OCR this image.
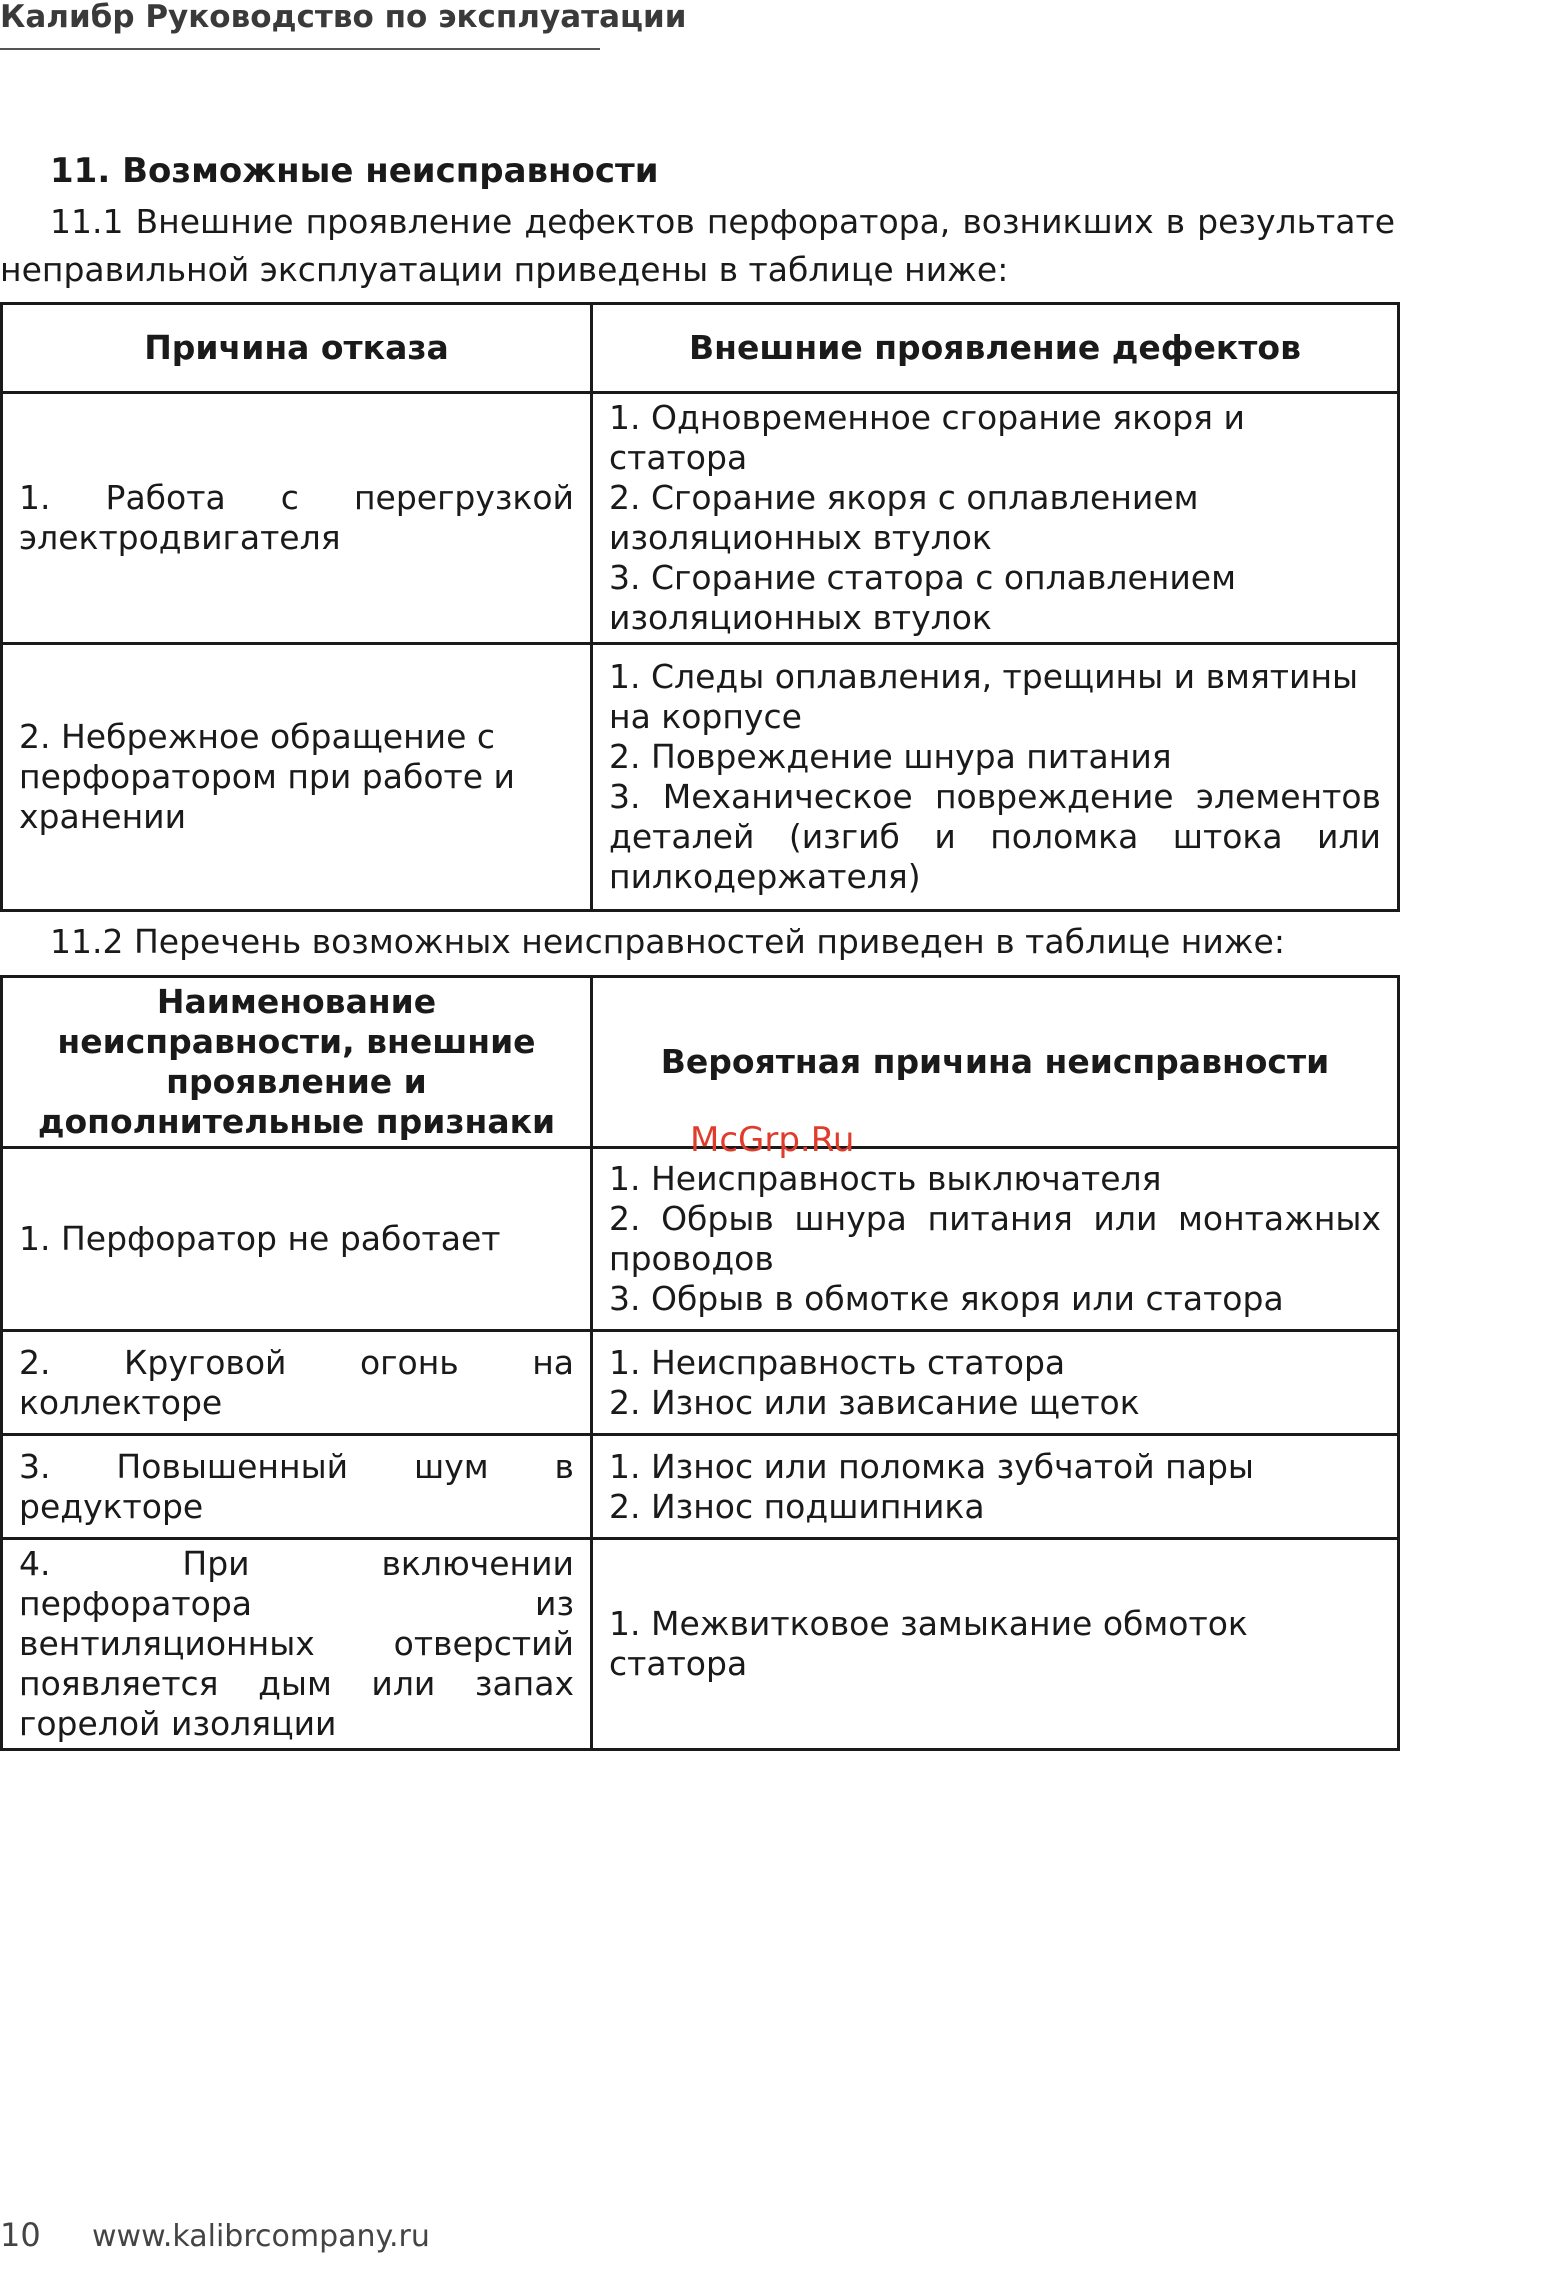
Калибр Руководство по эксплуатации
11. Возможные неисправности
11.1 Внешние проявление дефектов перфоратора, возникших в результате
неправильной эксплуатации приведены в таблице ниже:
Причина отказа	Внешние проявление дефектов
1. Работа с перегрузкой электродвигателя	1. Одновременное сгорание якоря и статора
2. Сгорание якоря с оплавлением изоляционных втулок
3. Сгорание статора с оплавлением изоляционных втулок

2. Небрежное обращение с перфоратором при работе и хранении	1. Следы оплавления, трещины и вмятины на корпусе
2. Повреждение шнура питания
3. Механическое повреждение элементов деталей (изгиб и поломка штока или пилкодержателя)
11.2 Перечень возможных неисправностей приведен в таблице ниже:
Наименование неисправности, внешние проявление и дополнительные признаки	Вероятная причина неисправности
1. Перфоратор не работает	1. Неисправность выключателя
2. Обрыв шнура питания или монтажных проводов
3. Обрыв в обмотке якоря или статора

2. Круговой огонь на коллекторе	1. Неисправность статора
2. Износ или зависание щеток

3. Повышенный шум в редукторе	1. Износ или поломка зубчатой пары
2. Износ подшипника

4. При включении перфоратора из вентиляционных отверстий появляется дым или запах горелой изоляции	1. Межвитковое замыкание обмоток статора
McGrp.Ru
10 www.kalibrcompany.ru
